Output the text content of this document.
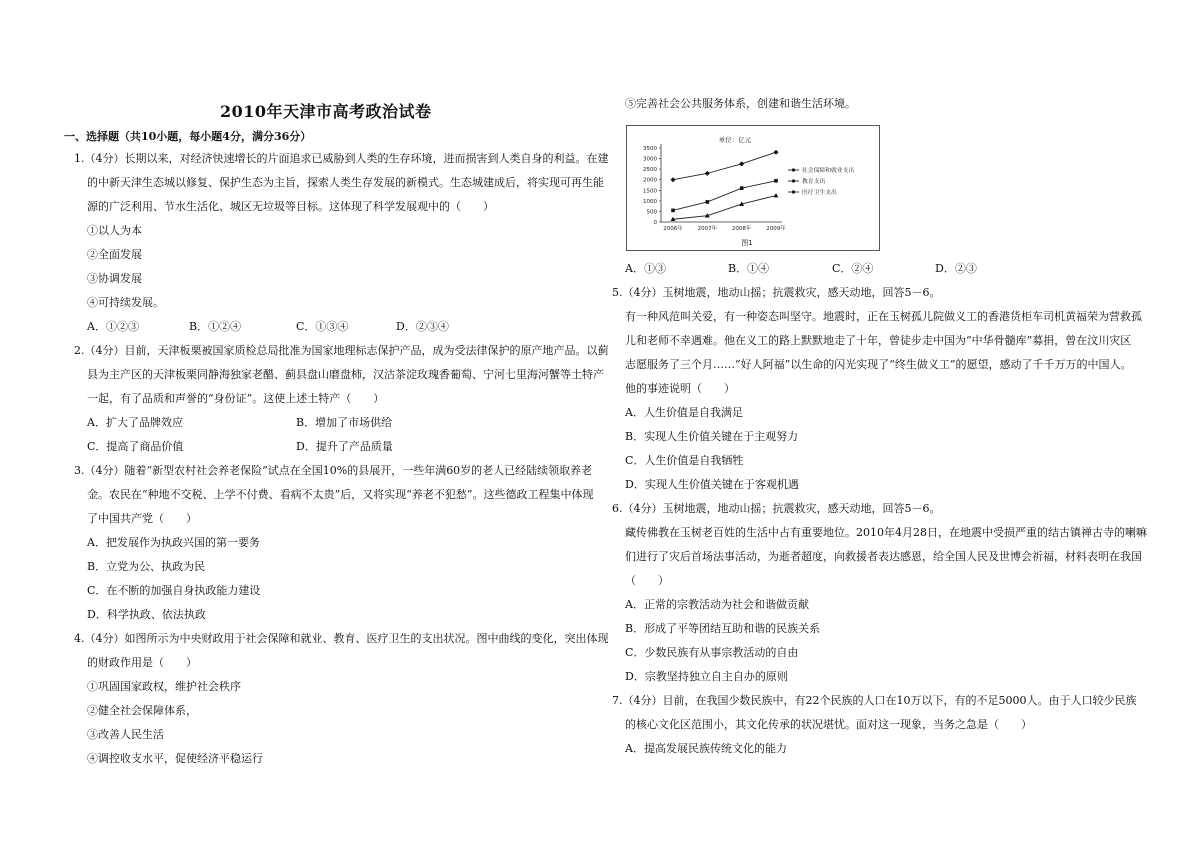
2010年天津市高考政治试卷
一、选择题（共10小题，每小题4分，满分36分）
1.（4分）长期以来，对经济快速增长的片面追求已威胁到人类的生存环境，进而损害到人类自身的利益。在建
的中新天津生态城以修复、保护生态为主旨，探索人类生存发展的新模式。生态城建成后，将实现可再生能
源的广泛利用、节水生活化、城区无垃圾等目标。这体现了科学发展观中的（　　）
①以人为本
②全面发展
③协调发展
④可持续发展。
A．①②③	B．①②④	C．①③④	D．②③④
2.（4分）目前，天津板栗被国家质检总局批准为国家地理标志保护产品，成为受法律保护的原产地产品。以蓟
县为主产区的天津板栗同静海独家老醋、蓟县盘山磨盘柿，汉沽茶淀玫瑰香葡萄、宁河七里海河蟹等土特产
一起，有了品质和声誉的“身份证”。这使上述土特产（　　）
A．扩大了品牌效应	B．增加了市场供给
C．提高了商品价值	D．提升了产品质量
3.（4分）随着“新型农村社会养老保险”试点在全国10%的县展开，一些年满60岁的老人已经陆续领取养老
金。农民在“种地不交税、上学不付费、看病不太贵”后，又将实现“养老不犯愁”。这些德政工程集中体现
了中国共产党（　　）
A．把发展作为执政兴国的第一要务
B．立党为公、执政为民
C．在不断的加强自身执政能力建设
D．科学执政、依法执政
4.（4分）如图所示为中央财政用于社会保障和就业、教育、医疗卫生的支出状况。图中曲线的变化，突出体现
的财政作用是（　　）
①巩固国家政权，维护社会秩序
②健全社会保障体系，
③改善人民生活
④调控收支水平，促使经济平稳运行
⑤完善社会公共服务体系，创建和谐生活环境。
单位：亿元
0
500
1000
1500
2000
2500
3000
3500
2006年	2007年	2008年	2009年
社会保障和就业支出
教育支出
医疗卫生支出
图1
A．①③	B．①④	C．②④	D．②③
5.（4分）玉树地震，地动山摇；抗震救灾，感天动地，回答5－6。
有一种风范叫关爱，有一种姿态叫坚守。地震时，正在玉树孤儿院做义工的香港货柜车司机黄福荣为营救孤
儿和老师不幸遇难。他在义工的路上默默地走了十年，曾徒步走中国为“中华骨髓库”募捐，曾在汶川灾区
志愿服务了三个月……“好人阿福”以生命的闪光实现了“终生做义工”的愿望，感动了千千万万的中国人。
他的事迹说明（　　）
A．人生价值是自我满足
B．实现人生价值关键在于主观努力
C．人生价值是自我牺牲
D．实现人生价值关键在于客观机遇
6.（4分）玉树地震，地动山摇；抗震救灾，感天动地，回答5－6。
藏传佛教在玉树老百姓的生活中占有重要地位。2010年4月28日，在地震中受损严重的结古镇禅古寺的喇嘛
们进行了灾后首场法事活动，为逝者超度，向救援者表达感恩，给全国人民及世博会祈福，材料表明在我国
（　　）
A．正常的宗教活动为社会和谐做贡献
B．形成了平等团结互助和谐的民族关系
C．少数民族有从事宗教活动的自由
D．宗教坚持独立自主自办的原则
7.（4分）目前，在我国少数民族中，有22个民族的人口在10万以下，有的不足5000人。由于人口较少民族
的核心文化区范围小，其文化传承的状况堪忧。面对这一现象，当务之急是（　　）
A．提高发展民族传统文化的能力
